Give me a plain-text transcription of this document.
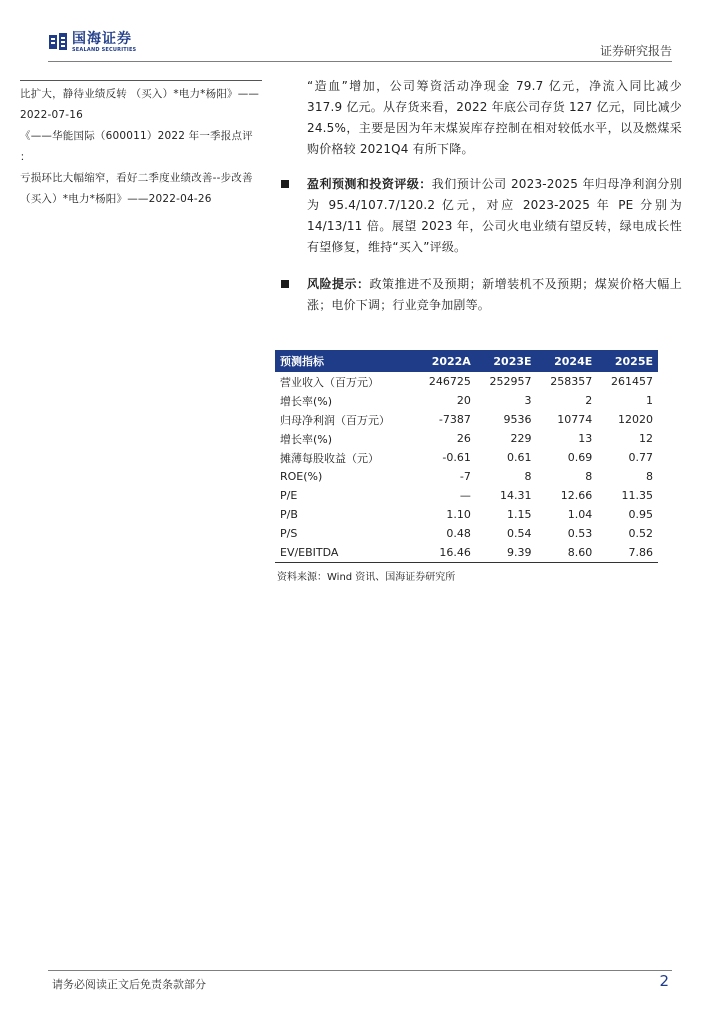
国海证券
SEALAND SECURITIES	证券研究报告
比扩大，静待业绩反转 （买入）*电力*杨阳》——
2022-07-16
《——华能国际（600011）2022 年一季报点评 ：
亏损环比大幅缩窄，看好二季度业绩改善--步改善
（买入）*电力*杨阳》——2022-04-26
“造血”增加，公司筹资活动净现金 79.7 亿元，净流入同比减少 317.9 亿元。从存货来看，2022 年底公司存货 127 亿元，同比减少 24.5%，主要是因为年末煤炭库存控制在相对较低水平，以及燃煤采购价格较 2021Q4 有所下降。
盈利预测和投资评级：我们预计公司 2023-2025 年归母净利润分别为 95.4/107.7/120.2 亿元，对应 2023-2025 年 PE 分别为 14/13/11 倍。展望 2023 年，公司火电业绩有望反转，绿电成长性有望修复，维持“买入”评级。
风险提示：政策推进不及预期；新增装机不及预期；煤炭价格大幅上涨；电价下调；行业竞争加剧等。
预测指标	2022A	2023E	2024E	2025E
营业收入（百万元）	246725	252957	258357	261457
增长率(%)	20	3	2	1
归母净利润（百万元）	-7387	9536	10774	12020
增长率(%)	26	229	13	12
摊薄每股收益（元）	-0.61	0.61	0.69	0.77
ROE(%)	-7	8	8	8
P/E	—	14.31	12.66	11.35
P/B	1.10	1.15	1.04	0.95
P/S	0.48	0.54	0.53	0.52
EV/EBITDA	16.46	9.39	8.60	7.86
资料来源：Wind 资讯、国海证券研究所
请务必阅读正文后免责条款部分	2
